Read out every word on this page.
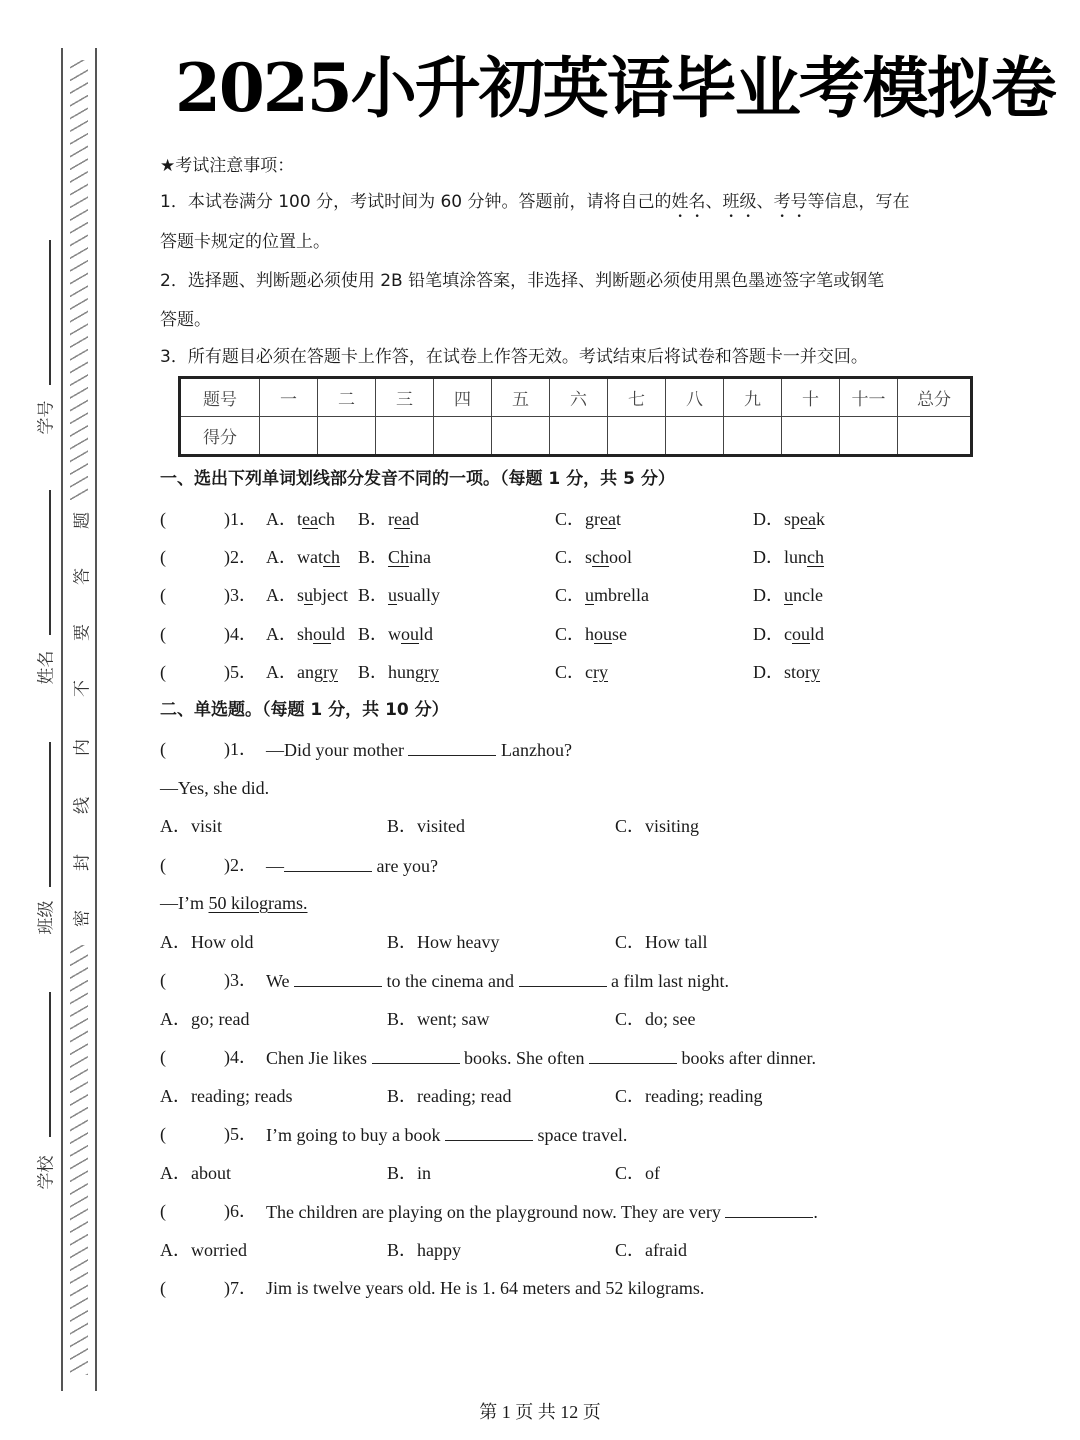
题
答
要
不
内
线
封
密
学号
姓名
班级
学校
2025小升初英语毕业考模拟卷
★考试注意事项：
1．本试卷满分 100 分，考试时间为 60 分钟。答题前，请将自己的姓名、班级、考号等信息，写在
答题卡规定的位置上。
2．选择题、判断题必须使用 2B 铅笔填涂答案，非选择、判断题必须使用黑色墨迹签字笔或钢笔
答题。
3．所有题目必须在答题卡上作答，在试卷上作答无效。考试结束后将试卷和答题卡一并交回。
题号	一	二	三	四	五	六	七	八	九	十	十一	总分
得分												
一、选出下列单词划线部分发音不同的一项。（每题 1 分，共 5 分）
(	)1． A．teach B．read	C．great	D．speak
(	)2． A．watch B．China	C．school	D．lunch
(	)3． A．subject B．usually	C．umbrella	D．uncle
(	)4． A．should B．would	C．house	D．could
(	)5． A．angry B．hungry	C．cry	D．story
二、单选题。（每题 1 分，共 10 分）
(	)1． —Did your mother	Lanzhou?
—Yes, she did.
A．visit	B．visited	C．visiting
(	)2． —	are you?
—I’m 50 kilograms.
A．How old	B．How heavy	C．How tall
(	)3． We	to the cinema and	a film last night.
A．go; read	B．went; saw	C．do; see
(	)4． Chen Jie likes	books. She often	books after dinner.
A．reading; reads	B．reading; read	C．reading; reading
(	)5． I’m going to buy a book	space travel.
A．about	B．in	C．of
(	)6． The children are playing on the playground now. They are very	.
A．worried	B．happy	C．afraid
(	)7． Jim is twelve years old. He is 1. 64 meters and 52 kilograms.
第 1 页 共 12 页
